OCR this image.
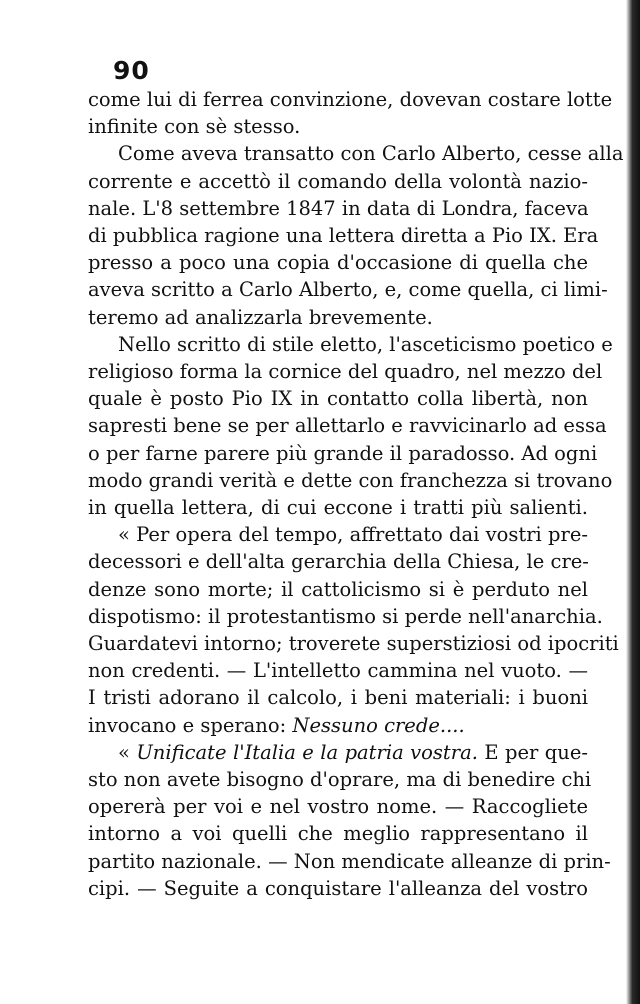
90
come lui di ferrea convinzione, dovevan costare lotte
infinite con sè stesso.
Come aveva transatto con Carlo Alberto, cesse alla
corrente e accettò il comando della volontà nazio-
nale. L'8 settembre 1847 in data di Londra, faceva
di pubblica ragione una lettera diretta a Pio IX. Era
presso a poco una copia d'occasione di quella che
aveva scritto a Carlo Alberto, e, come quella, ci limi-
teremo ad analizzarla brevemente.
Nello scritto di stile eletto, l'asceticismo poetico e
religioso forma la cornice del quadro, nel mezzo del
quale è posto Pio IX in contatto colla libertà, non
sapresti bene se per allettarlo e ravvicinarlo ad essa
o per farne parere più grande il paradosso. Ad ogni
modo grandi verità e dette con franchezza si trovano
in quella lettera, di cui eccone i tratti più salienti.
« Per opera del tempo, affrettato dai vostri pre-
decessori e dell'alta gerarchia della Chiesa, le cre-
denze sono morte; il cattolicismo si è perduto nel
dispotismo: il protestantismo si perde nell'anarchia.
Guardatevi intorno; troverete superstiziosi od ipocriti
non credenti. — L'intelletto cammina nel vuoto. —
I tristi adorano il calcolo, i beni materiali: i buoni
invocano e sperano: Nessuno crede....
« Unificate l'Italia e la patria vostra. E per que-
sto non avete bisogno d'oprare, ma di benedire chi
opererà per voi e nel vostro nome. — Raccogliete
intorno a voi quelli che meglio rappresentano il
partito nazionale. — Non mendicate alleanze di prin-
cipi. — Seguite a conquistare l'alleanza del vostro
